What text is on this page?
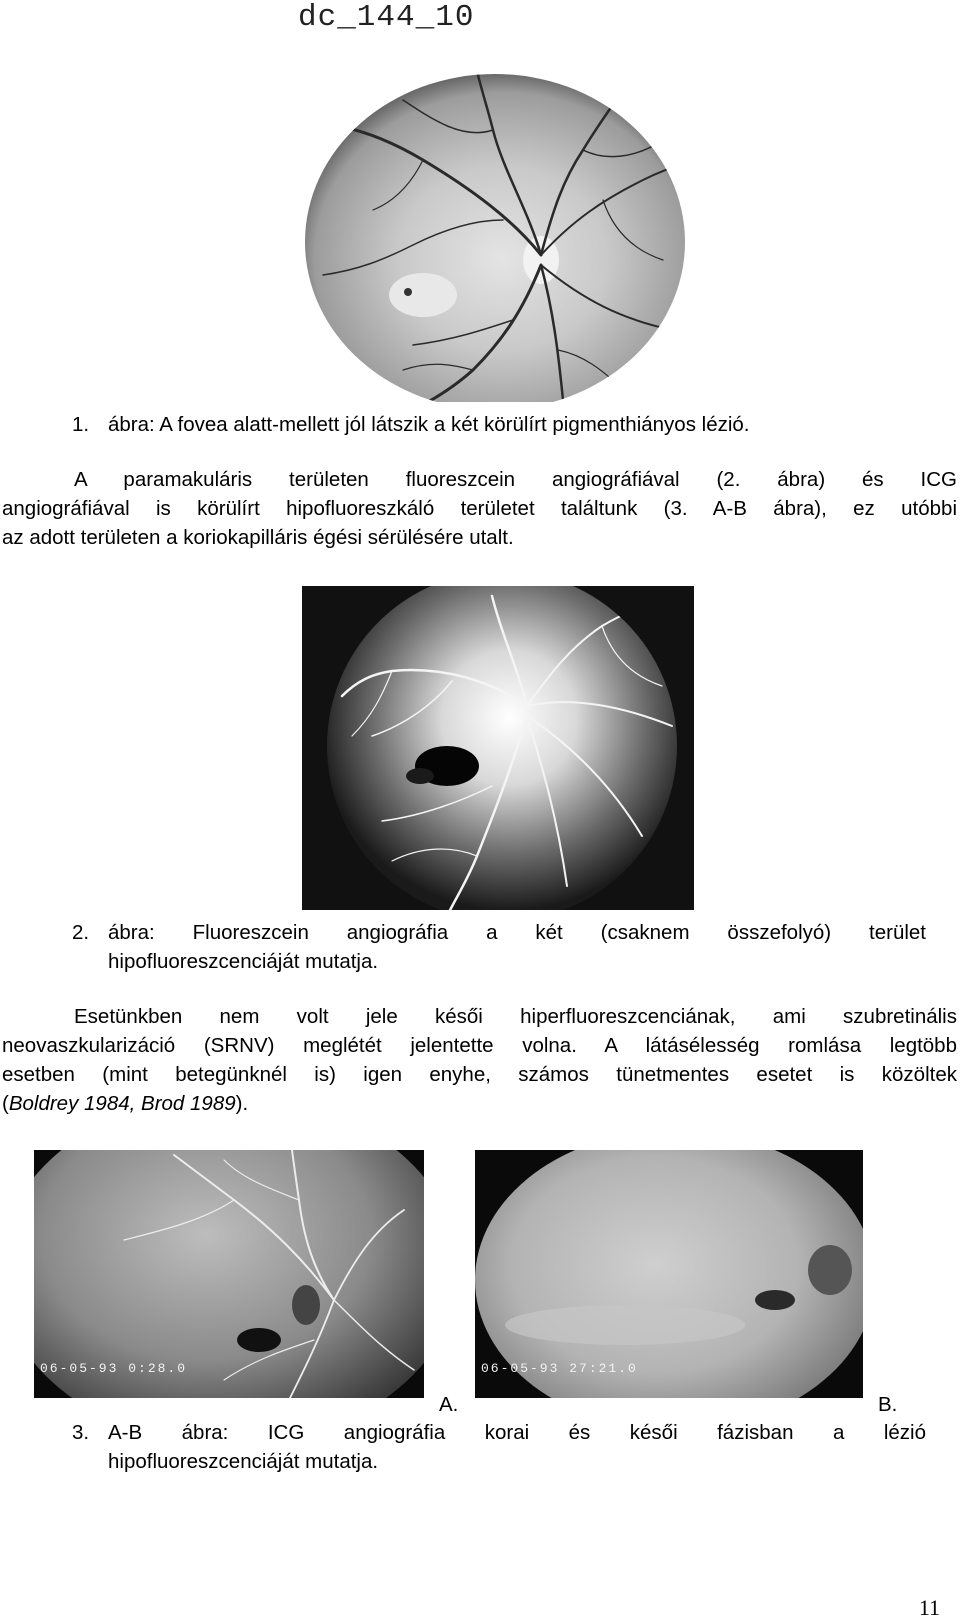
dc_144_10
1. ábra: A fovea alatt-mellett jól látszik a két körülírt pigmenthiányos lézió.
A paramakuláris területen fluoreszcein angiográfiával (2. ábra) és ICG
angiográfiával is körülírt hipofluoreszkáló területet találtunk (3. A-B ábra), ez utóbbi
az adott területen a koriokapilláris égési sérülésére utalt.
2. ábra: Fluoreszcein angiográfia a két (csaknem összefolyó) terület
hipofluoreszcenciáját mutatja.
Esetünkben nem volt jele késői hiperfluoreszcenciának, ami szubretinális
neovaszkularizáció (SRNV) meglétét jelentette volna. A látásélesség romlása legtöbb
esetben (mint betegünknél is) igen enyhe, számos tünetmentes esetet is közöltek
(Boldrey 1984, Brod 1989).
06-05-93 0:28.0	06-05-93 27:21.0
A.	B.
3. A-B ábra: ICG angiográfia korai és késői fázisban a lézió
hipofluoreszcenciáját mutatja.
11
